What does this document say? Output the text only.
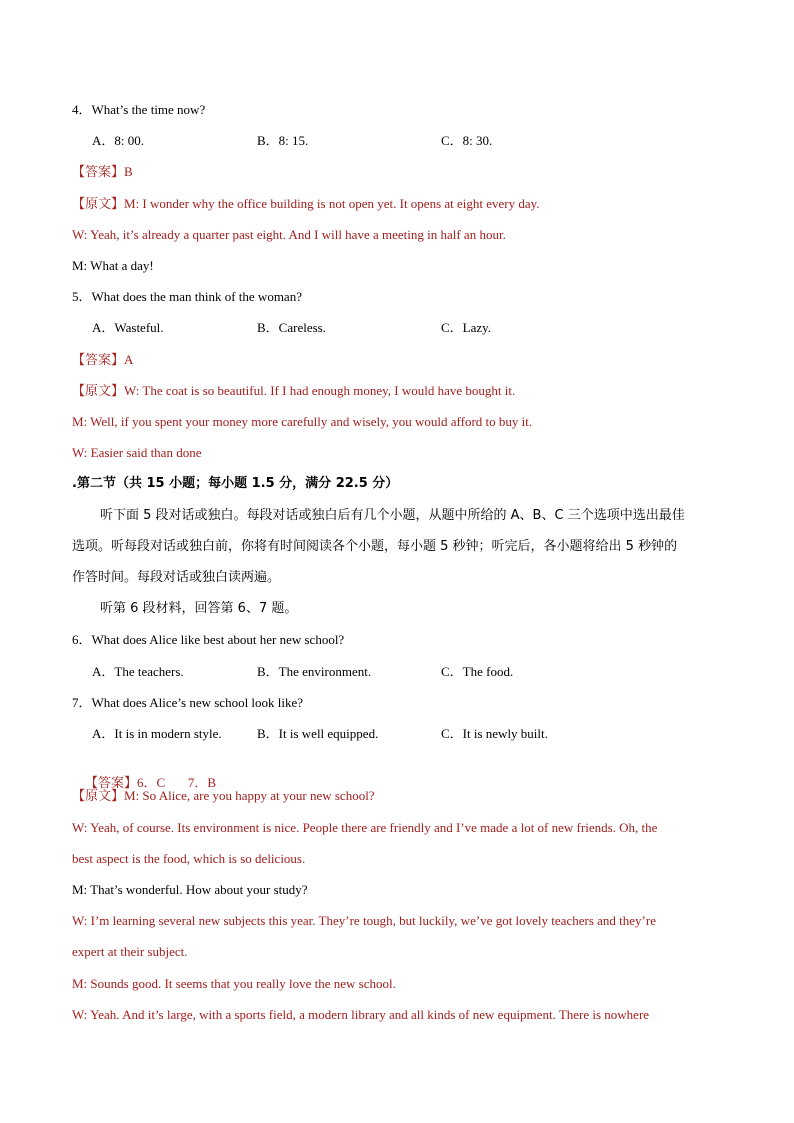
4．What’s the time now?
A．8: 00.	B．8: 15.	C．8: 30.
【答案】B
【原文】M: I wonder why the office building is not open yet. It opens at eight every day.
W: Yeah, it’s already a quarter past eight. And I will have a meeting in half an hour.
M: What a day!
5．What does the man think of the woman?
A．Wasteful.	B．Careless.	C．Lazy.
【答案】A
【原文】W: The coat is so beautiful. If I had enough money, I would have bought it.
M: Well, if you spent your money more carefully and wisely, you would afford to buy it.
W: Easier said than done
.第二节（共 15 小题；每小题 1.5 分，满分 22.5 分）
听下面 5 段对话或独白。每段对话或独白后有几个小题，从题中所给的 A、B、C 三个选项中选出最佳
选项。听每段对话或独白前，你将有时间阅读各个小题，每小题 5 秒钟；听完后，各小题将给出 5 秒钟的
作答时间。每段对话或独白读两遍。
听第 6 段材料，回答第 6、7 题。
6．What does Alice like best about her new school?
A．The teachers.	B．The environment.	C．The food.
7．What does Alice’s new school look like?
A．It is in modern style.	B．It is well equipped.	C．It is newly built.

【答案】6．C       7．B

【原文】M: So Alice, are you happy at your new school?
W: Yeah, of course. Its environment is nice. People there are friendly and I’ve made a lot of new friends. Oh, the
best aspect is the food, which is so delicious.
M: That’s wonderful. How about your study?
W: I’m learning several new subjects this year. They’re tough, but luckily, we’ve got lovely teachers and they’re
expert at their subject.
M: Sounds good. It seems that you really love the new school.
W: Yeah. And it’s large, with a sports field, a modern library and all kinds of new equipment. There is nowhere
